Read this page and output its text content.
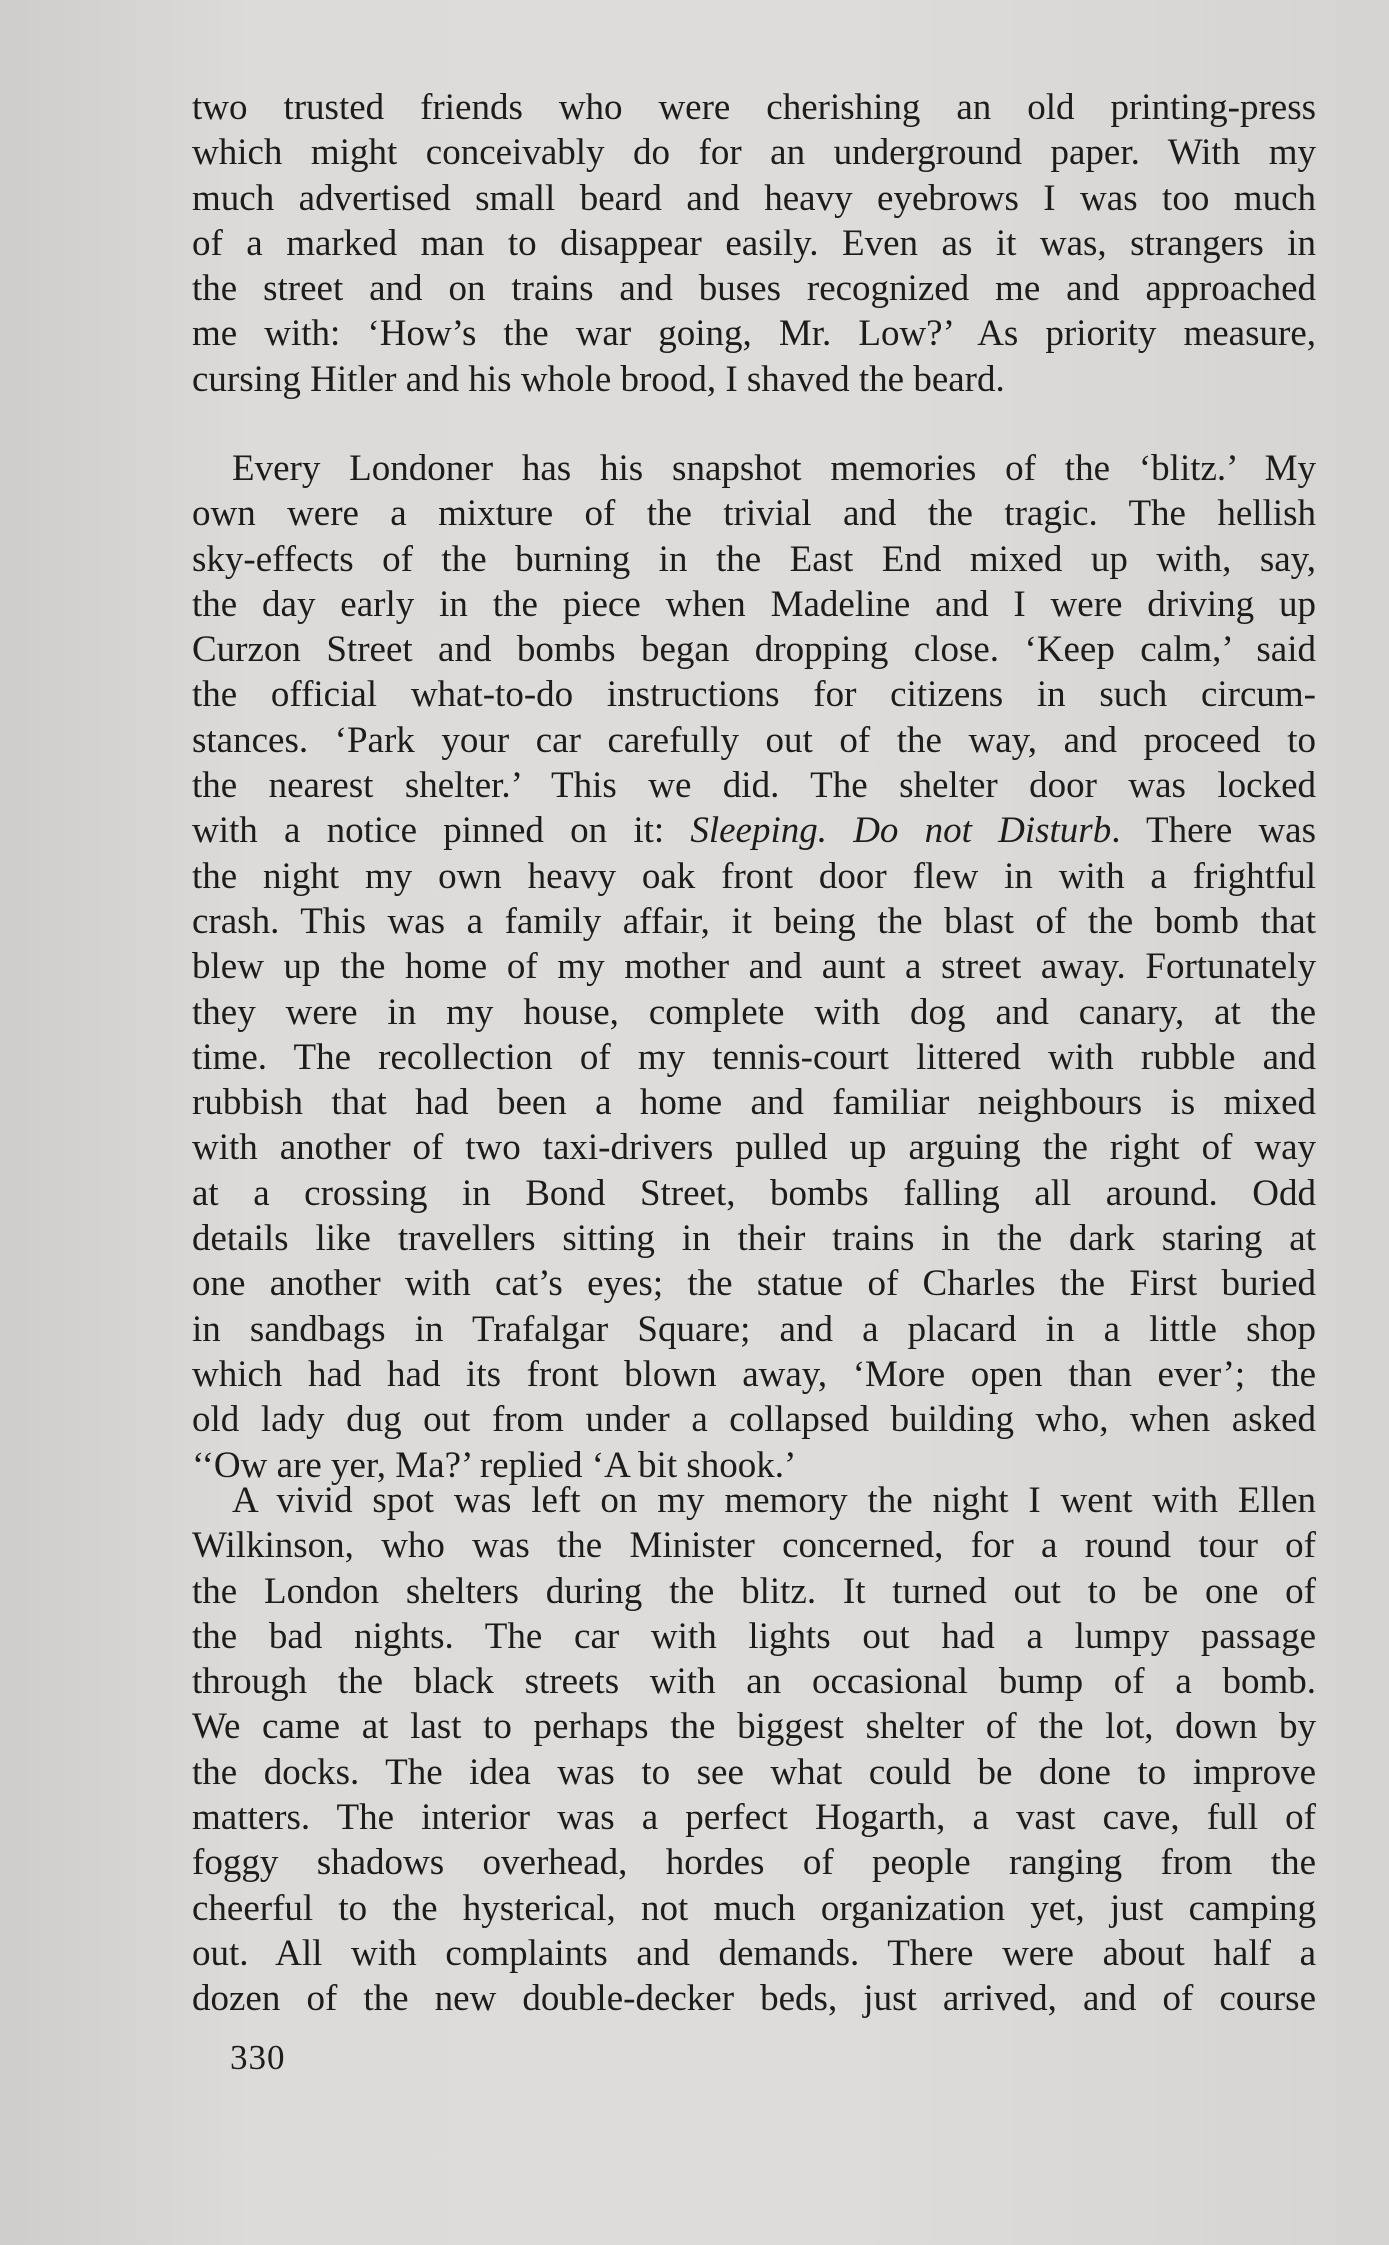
two trusted friends who were cherishing an old printing-press
which might conceivably do for an underground paper. With my
much advertised small beard and heavy eyebrows I was too much
of a marked man to disappear easily. Even as it was, strangers in
the street and on trains and buses recognized me and approached
me with: ‘How’s the war going, Mr. Low?’ As priority measure,
cursing Hitler and his whole brood, I shaved the beard.
Every Londoner has his snapshot memories of the ‘blitz.’ My
own were a mixture of the trivial and the tragic. The hellish
sky-effects of the burning in the East End mixed up with, say,
the day early in the piece when Madeline and I were driving up
Curzon Street and bombs began dropping close. ‘Keep calm,’ said
the official what-to-do instructions for citizens in such circum-
stances. ‘Park your car carefully out of the way, and proceed to
the nearest shelter.’ This we did. The shelter door was locked
with a notice pinned on it: Sleeping. Do not Disturb. There was
the night my own heavy oak front door flew in with a frightful
crash. This was a family affair, it being the blast of the bomb that
blew up the home of my mother and aunt a street away. Fortunately
they were in my house, complete with dog and canary, at the
time. The recollection of my tennis-court littered with rubble and
rubbish that had been a home and familiar neighbours is mixed
with another of two taxi-drivers pulled up arguing the right of way
at a crossing in Bond Street, bombs falling all around. Odd
details like travellers sitting in their trains in the dark staring at
one another with cat’s eyes; the statue of Charles the First buried
in sandbags in Trafalgar Square; and a placard in a little shop
which had had its front blown away, ‘More open than ever’; the
old lady dug out from under a collapsed building who, when asked
‘‘Ow are yer, Ma?’ replied ‘A bit shook.’
A vivid spot was left on my memory the night I went with Ellen
Wilkinson, who was the Minister concerned, for a round tour of
the London shelters during the blitz. It turned out to be one of
the bad nights. The car with lights out had a lumpy passage
through the black streets with an occasional bump of a bomb.
We came at last to perhaps the biggest shelter of the lot, down by
the docks. The idea was to see what could be done to improve
matters. The interior was a perfect Hogarth, a vast cave, full of
foggy shadows overhead, hordes of people ranging from the
cheerful to the hysterical, not much organization yet, just camping
out. All with complaints and demands. There were about half a
dozen of the new double-decker beds, just arrived, and of course
330
